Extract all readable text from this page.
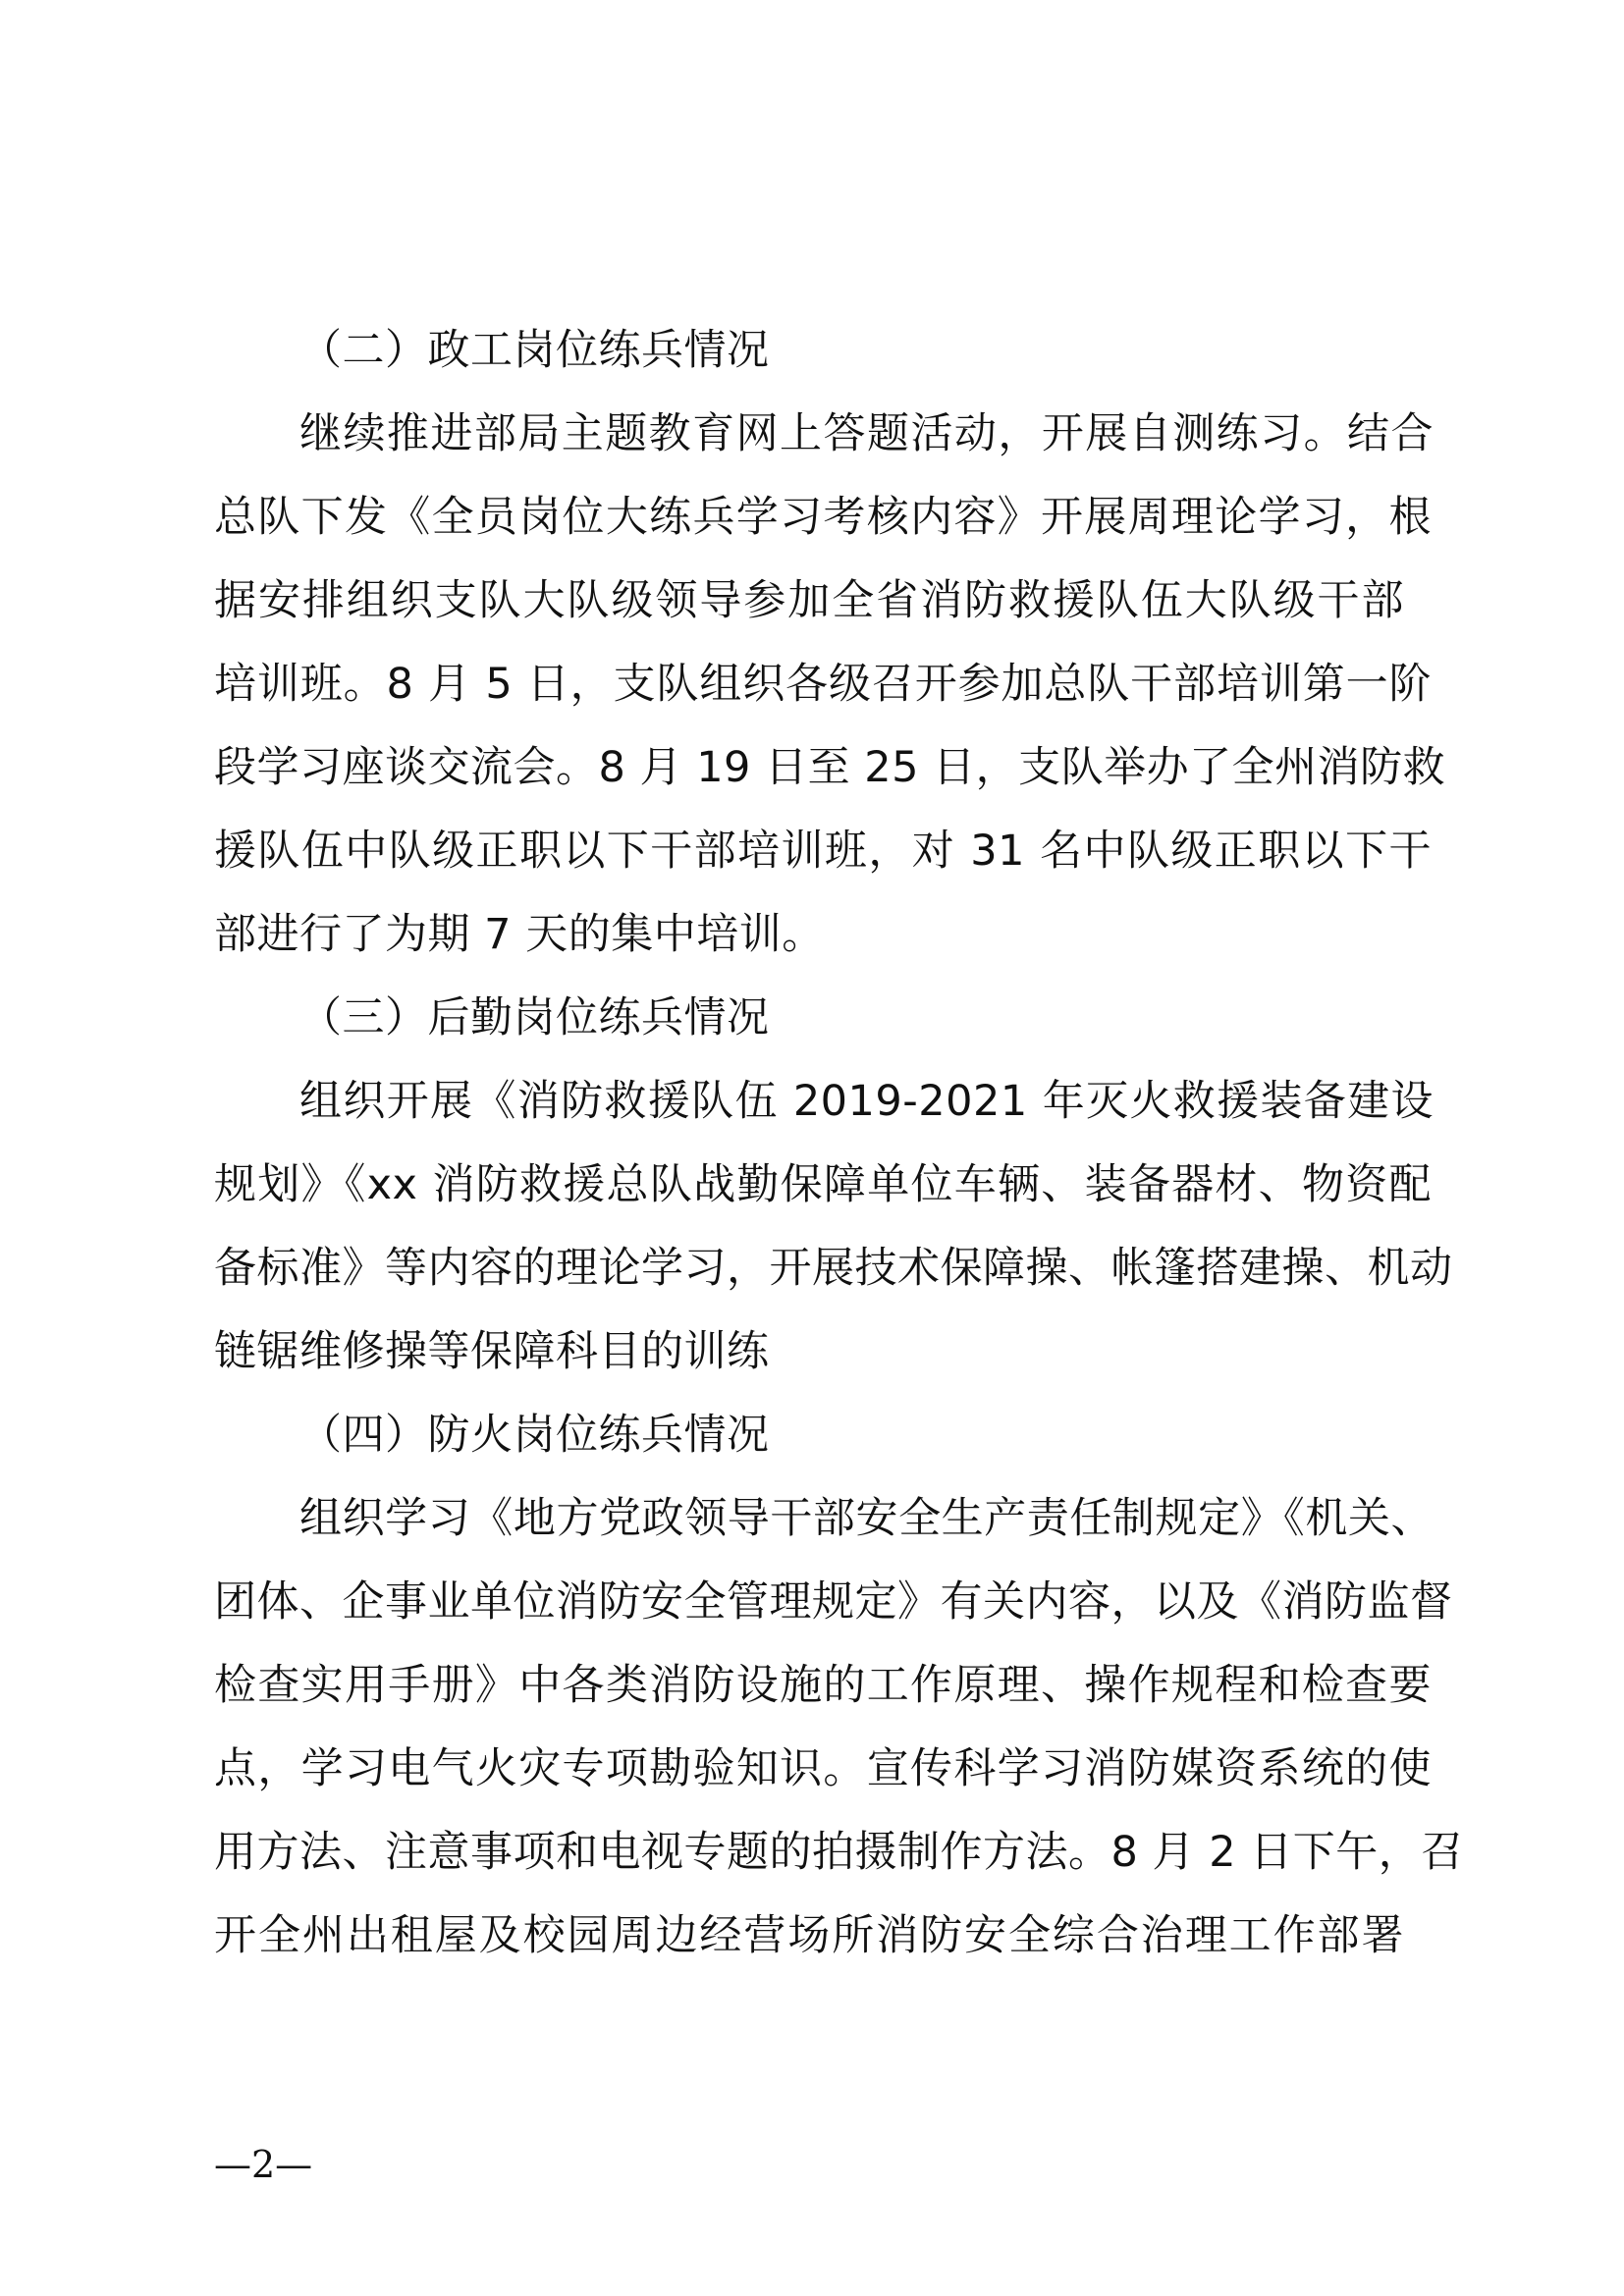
（二）政工岗位练兵情况
继续推进部局主题教育网上答题活动，开展自测练习。结合
总队下发《全员岗位大练兵学习考核内容》开展周理论学习，根
据安排组织支队大队级领导参加全省消防救援队伍大队级干部
培训班。8 月 5 日，支队组织各级召开参加总队干部培训第一阶
段学习座谈交流会。8 月 19 日至 25 日，支队举办了全州消防救
援队伍中队级正职以下干部培训班，对 31 名中队级正职以下干
部进行了为期 7 天的集中培训。
（三）后勤岗位练兵情况
组织开展《消防救援队伍 2019-2021 年灭火救援装备建设
规划》《xx 消防救援总队战勤保障单位车辆、装备器材、物资配
备标准》等内容的理论学习，开展技术保障操、帐篷搭建操、机动
链锯维修操等保障科目的训练
（四）防火岗位练兵情况
组织学习《地方党政领导干部安全生产责任制规定》《机关、
团体、企事业单位消防安全管理规定》有关内容，以及《消防监督
检查实用手册》中各类消防设施的工作原理、操作规程和检查要
点，学习电气火灾专项勘验知识。宣传科学习消防媒资系统的使
用方法、注意事项和电视专题的拍摄制作方法。8 月 2 日下午，召
开全州出租屋及校园周边经营场所消防安全综合治理工作部署
—2—
